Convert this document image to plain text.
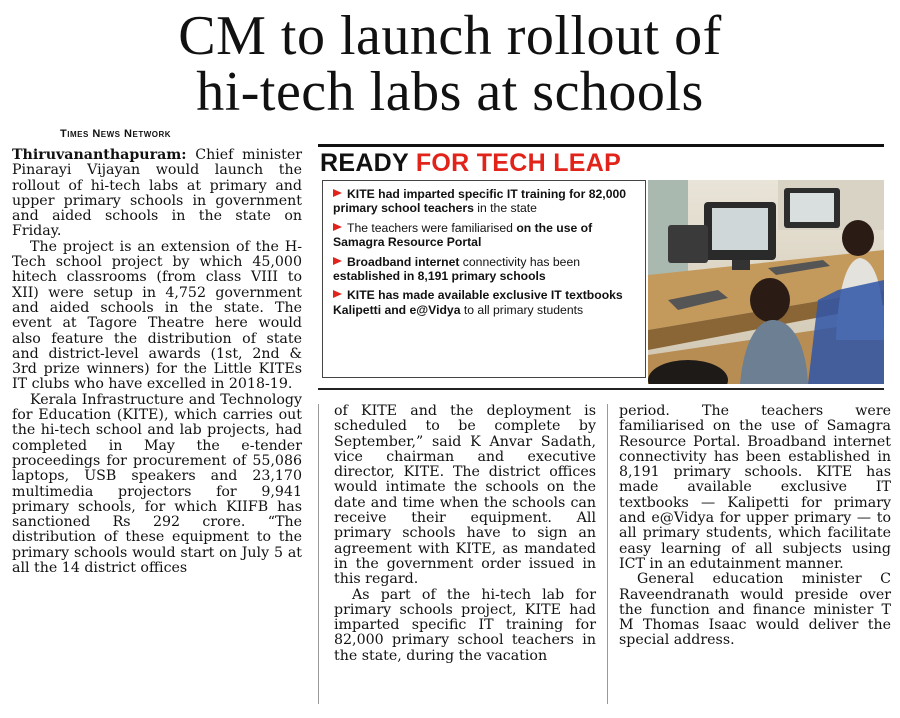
CM to launch rollout of
hi-tech labs at schools
Times News Network

Thiruvananthapuram: Chief minister Pinarayi Vijayan would launch the rollout of hi-tech labs at primary and upper primary schools in government and aided schools in the state on Friday.

The project is an extension of the H-Tech school project by which 45,000 hitech classrooms (from class VIII to XII) were setup in 4,752 government and aided schools in the state. The event at Tagore Theatre here would also feature the distribution of state and district-level awards (1st, 2nd & 3rd prize winners) for the Little KITEs IT clubs who have excelled in 2018-19.

Kerala Infrastructure and Technology for Education (KITE), which carries out the hi-tech school and lab projects, had completed in May the e-tender proceedings for procurement of 55,086 laptops, USB speakers and 23,170 multimedia projectors for 9,941 primary schools, for which KIIFB has sanctioned Rs 292 crore. “The distribution of these equipment to the primary schools would start on July 5 at all the 14 district offices

READY FOR TECH LEAP
KITE had imparted specific IT training for 82,000 primary school teachers in the state
The teachers were familiarised on the use of Samagra Resource Portal
Broadband internet connectivity has been established in 8,191 primary schools
KITE has made available exclusive IT textbooks Kalipetti and e@Vidya to all primary students

of KITE and the deployment is scheduled to be complete by September,” said K Anvar Sadath, vice chairman and executive director, KITE. The district offices would intimate the schools on the date and time when the schools can receive their equipment. All primary schools have to sign an agreement with KITE, as mandated in the government order issued in this regard.

As part of the hi-tech lab for primary schools project, KITE had imparted specific IT training for 82,000 primary school teachers in the state, during the vacation

period. The teachers were familiarised on the use of Samagra Resource Portal. Broadband internet connectivity has been established in 8,191 primary schools. KITE has made available exclusive IT textbooks — Kalipetti for primary and e@Vidya for upper primary — to all primary students, which facilitate easy learning of all subjects using ICT in an edutainment manner.

General education minister C Raveendranath would preside over the function and finance minister T M Thomas Isaac would deliver the special address.
